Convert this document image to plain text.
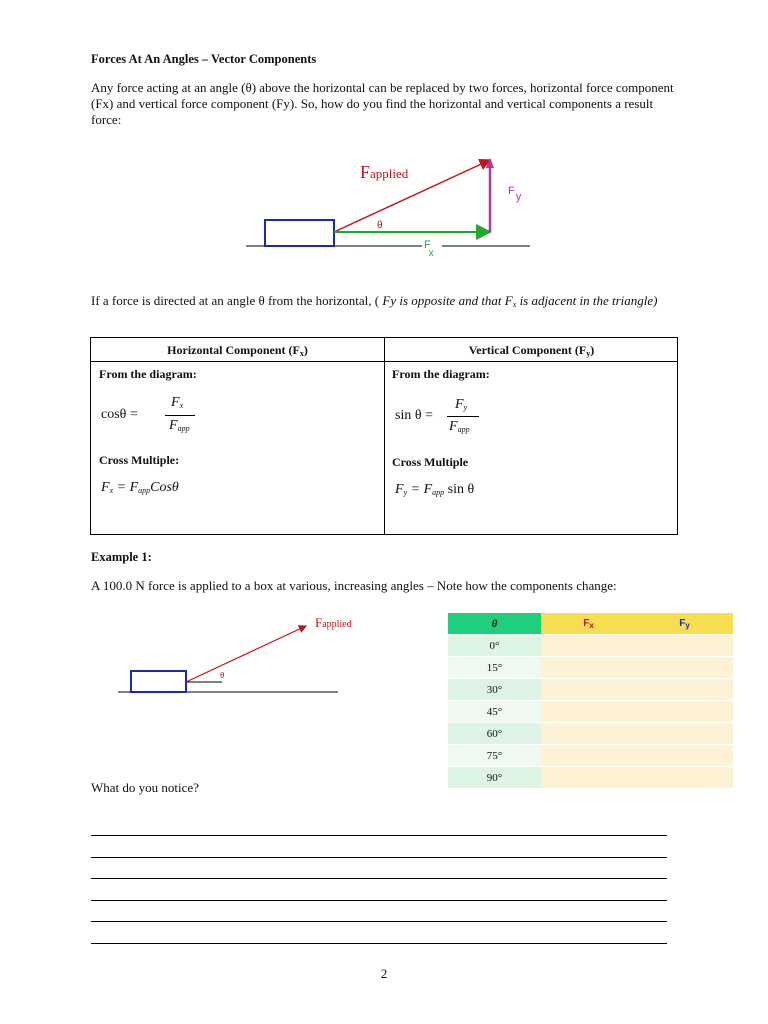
Forces At An Angles – Vector Components
Any force acting at an angle (θ) above the horizontal can be replaced by two forces, horizontal force component (Fx) and vertical force component (Fy). So, how do you find the horizontal and vertical components a result force:
Fapplied
θ
Fy
F x
If a force is directed at an angle θ from the horizontal, ( Fy is opposite and that $F_x$ is adjacent in the triangle)
Horizontal Component $(F_x)$	Vertical Component $(F_y)$
From the diagram:	From the diagram:
cosθ =
$F_x$
$F_{app}$
sin θ =
$F_y$
$F_{app}$
Cross Multiple:	Cross Multiple
$F_x = F_{app}Cos\theta$	$F_y = F_{app}$ sin θ
Example 1:
A 100.0 N force is applied to a box at various, increasing angles – Note how the components change:
Fapplied
θ
θ	$F_x$	$F_y$
0°		
15°		
30°		
45°		
60°		
75°		
90°		
What do you notice?
2
